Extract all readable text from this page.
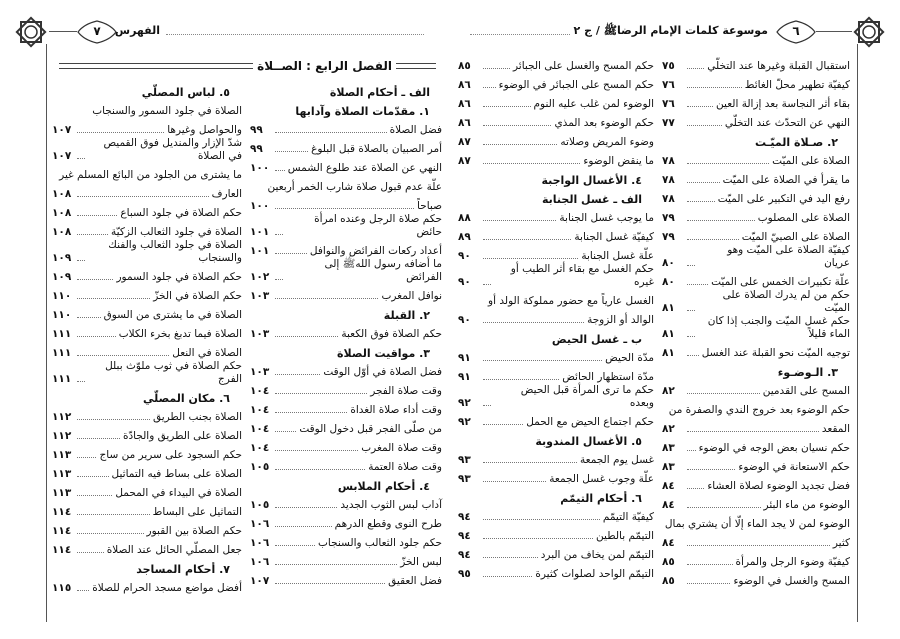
٧	الفهرس
الفصل الرابع : الصــلاة
الف ـ أحكام الصلاة
١. مقدّمات الصلاة وآدابها
فضل الصلاة
٩٩
أمر الصبيان بالصلاة قبل البلوغ
٩٩
النهي عن الصلاة عند طلوع الشمس
١٠٠
علّة عدم قبول صلاة شارب الخمر أربعين
صباحاً
١٠٠
حكم صلاة الرجل وعنده امرأة حائض
١٠١
أعداد ركعات الفرائض والنوافل
١٠١
ما أضافه رسول اللهﷺ إلى الفرائض
١٠٢
نوافل المغرب
١٠٣
٢. القبلة
حكم الصلاة فوق الكعبة
١٠٣
٣. مواقيت الصلاة
فضل الصلاة في أوّل الوقت
١٠٣
وقت صلاة الفجر
١٠٤
وقت أداء صلاة الغداة
١٠٤
من صلّى الفجر قبل دخول الوقت
١٠٤
وقت صلاة المغرب
١٠٤
وقت صلاة العتمة
١٠٥
٤. أحكام الملابس
آداب لبس الثوب الجديد
١٠٥
طرح النوى وقطع الدرهم
١٠٦
حكم جلود الثعالب والسنجاب
١٠٦
لبس الخزّ
١٠٦
فضل العقيق
١٠٧
٥. لباس المصلّي
الصلاة في جلود السمور والسنجاب
والحواصل وغيرها
١٠٧
شدّ الإزار والمنديل فوق القميص في الصلاة
١٠٧
ما يشترى من الجلود من البائع المسلم غير
العارف
١٠٨
حكم الصلاة في جلود السباع
١٠٨
الصلاة في جلود الثعالب الزكيّة
١٠٨
الصلاة في جلود الثعالب والفنك والسنجاب
١٠٩
حكم الصلاة في جلود السمور
١٠٩
حكم الصلاة في الخزّ
١١٠
الصلاة في ما يشترى من السوق
١١٠
الصلاة فيما تدبغ بخرء الكلاب
١١١
الصلاة في النعل
١١١
حكم الصلاة في ثوب ملوّث ببلل الفرج
١١١
٦. مكان المصلّي
الصلاة بجنب الطريق
١١٢
الصلاة على الطريق والجادّة
١١٢
حكم السجود على سرير من ساج
١١٣
الصلاة على بساط فيه التماثيل
١١٣
الصلاة في البيداء في المحمل
١١٣
التماثيل على البساط
١١٤
حكم الصلاة بين القبور
١١٤
جعل المصلّي الحائل عند الصلاة
١١٤
٧. أحكام المساجد
أفضل مواضع مسجد الحرام للصلاة
١١٥
٦
موسوعة كلمات الإمام الرضاﷺ / ج ٢
استقبال القبلة وغيرها عند التخلّي
٧٥
كيفيّة تطهير محلّ الغائط
٧٦
بقاء أثر النجاسة بعد إزالة العين
٧٦
النهي عن التحدّث عند التخلّي
٧٧
٢. صـلاة الميّـت
الصلاة على الميّت
٧٨
ما يقرأ في الصلاة على الميّت
٧٨
رفع اليد في التكبير على الميّت
٧٨
الصلاة على المصلوب
٧٩
الصلاة على الصبيّ الميّت
٧٩
كيفيّة الصلاة على الميّت وهو عريان
٨٠
علّة تكبيرات الخمس على الميّت
٨٠
حكم من لم يدرك الصلاة على الميّت
٨١
حكم غسل الميّت والجنب إذا كان الماء قليلاً
٨١
توجيه الميّت نحو القبلة عند الغسل
٨١
٣. الـوضـوء
المسح على القدمين
٨٢
حكم الوضوء بعد خروج الندي والصفرة من
المقعد
٨٢
حكم نسيان بعض الوجه في الوضوء
٨٣
حكم الاستعانة في الوضوء
٨٣
فضل تجديد الوضوء لصلاة العشاء
٨٤
الوضوء من ماء البئر
٨٤
الوضوء لمن لا يجد الماء إلّا أن يشتري بمال
كثير
٨٤
كيفيّة وضوء الرجل والمرأة
٨٥
المسح والغسل في الوضوء
٨٥
حكم المسح والغسل على الجبائر
٨٥
حكم المسح على الجبائر في الوضوء
٨٦
الوضوء لمن غلب عليه النوم
٨٦
حكم الوضوء بعد المذي
٨٦
وضوء المريض وصلاته
٨٧
ما ينقض الوضوء
٨٧
٤. الأغسال الواجبة
الف ـ غسل الجنابة
ما يوجب غسل الجنابة
٨٨
كيفيّة غسل الجنابة
٨٩
علّة غسل الجنابة
٩٠
حكم الغسل مع بقاء أثر الطيب أو غيره
٩٠
الغسل عارياً مع حضور مملوكة الولد أو
الوالد أو الزوجة
٩٠
ب ـ غسل الحيض
مدّة الحيض
٩١
مدّة استظهار الحائض
٩١
حكم ما ترى المرأة قبل الحيض وبعده
٩٢
حكم اجتماع الحيض مع الحمل
٩٢
٥. الأغسال المندوبة
غسل يوم الجمعة
٩٣
علّة وجوب غسل الجمعة
٩٣
٦. أحكام التيمّم
كيفيّة التيمّم
٩٤
التيمّم بالطين
٩٤
التيمّم لمن يخاف من البرد
٩٤
التيمّم الواحد لصلوات كثيرة
٩٥
